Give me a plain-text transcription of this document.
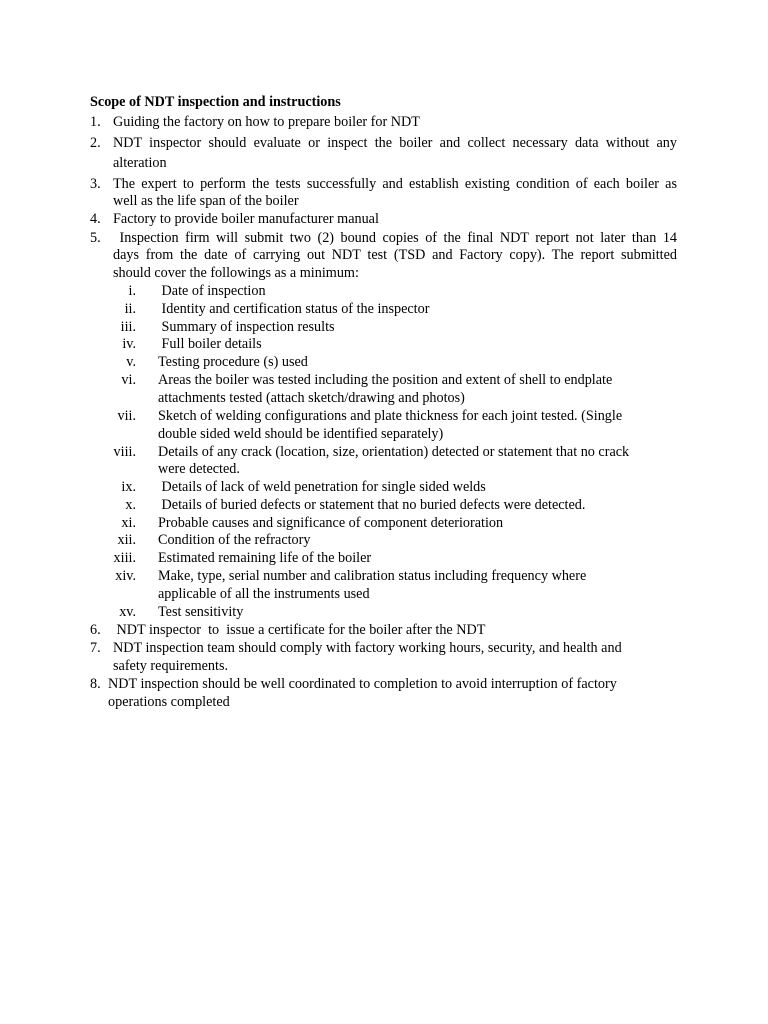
Scope of NDT inspection and instructions
1. Guiding the factory on how to prepare boiler for NDT
2. NDT inspector should evaluate or inspect the boiler and collect necessary data without any
alteration
3. The expert to perform the tests successfully and establish existing condition of each boiler as
well as the life span of the boiler
4. Factory to provide boiler manufacturer manual
5. Inspection firm will submit two (2) bound copies of the final NDT report not later than 14
days from the date of carrying out NDT test (TSD and Factory copy). The report submitted
should cover the followings as a minimum:
i. Date of inspection
ii. Identity and certification status of the inspector
iii. Summary of inspection results
iv. Full boiler details
v. Testing procedure (s) used
vi. Areas the boiler was tested including the position and extent of shell to endplate
attachments tested (attach sketch/drawing and photos)
vii. Sketch of welding configurations and plate thickness for each joint tested. (Single
double sided weld should be identified separately)
viii. Details of any crack (location, size, orientation) detected or statement that no crack
were detected.
ix. Details of lack of weld penetration for single sided welds
x. Details of buried defects or statement that no buried defects were detected.
xi. Probable causes and significance of component deterioration
xii. Condition of the refractory
xiii. Estimated remaining life of the boiler
xiv. Make, type, serial number and calibration status including frequency where
applicable of all the instruments used
xv. Test sensitivity
6. NDT inspector  to  issue a certificate for the boiler after the NDT
7. NDT inspection team should comply with factory working hours, security, and health and
safety requirements.
8. NDT inspection should be well coordinated to completion to avoid interruption of factory
operations completed
